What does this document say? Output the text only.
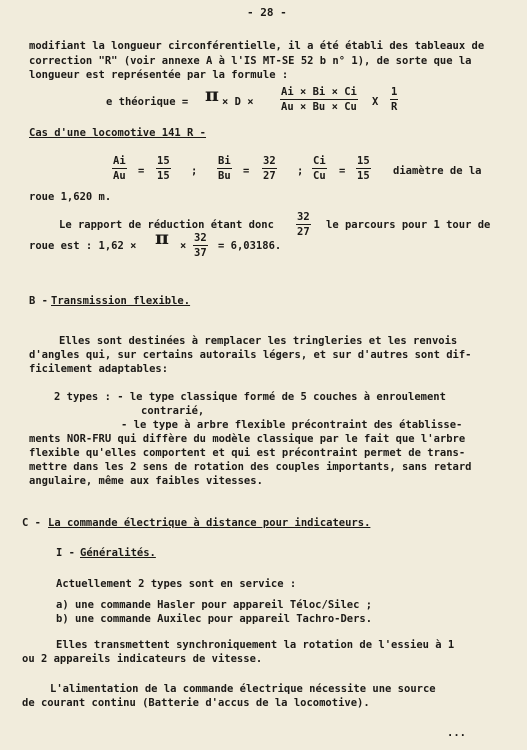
- 28 -
modifiant la longueur circonférentielle, il a été établi des tableaux de
correction "R" (voir annexe A à l'IS MT-SE 52 b n° 1), de sorte que la
longueur est représentée par la formule :
e théorique = π × D ×	$\frac{Ai \times Bi \times Ci}{Au \times Bu \times Cu}$ X $\frac{1}{R}$
Cas d'une locomotive 141 R -
$\frac{Ai}{Au} = \frac{15}{15}$ ; $\frac{Bi}{Bu} = \frac{32}{27}$ ; $\frac{Ci}{Cu} = \frac{15}{15}$ diamètre de la
roue 1,620 m.
Le rapport de réduction étant donc $\frac{32}{27}$ le parcours pour 1 tour de
roue est : $1,62 \times \pi \times \frac{32}{37} = 6,03186$.
B - Transmission flexible.
Elles sont destinées à remplacer les tringleries et les renvois
d'angles qui, sur certains autorails légers, et sur d'autres sont dif-
ficilement adaptables:
2 types : - le type classique formé de 5 couches à enroulement
contrarié,
- le type à arbre flexible précontraint des établisse-
ments NOR-FRU qui diffère du modèle classique par le fait que l'arbre
flexible qu'elles comportent et qui est précontraint permet de trans-
mettre dans les 2 sens de rotation des couples importants, sans retard
angulaire, même aux faibles vitesses.
C - La commande électrique à distance pour indicateurs.
I - Généralités.
Actuellement 2 types sont en service :
a) une commande Hasler pour appareil Téloc/Silec ;
b) une commande Auxilec pour appareil Tachro-Ders.
Elles transmettent synchroniquement la rotation de l'essieu à 1
ou 2 appareils indicateurs de vitesse.
L'alimentation de la commande électrique nécessite une source
de courant continu (Batterie d'accus de la locomotive).
...
